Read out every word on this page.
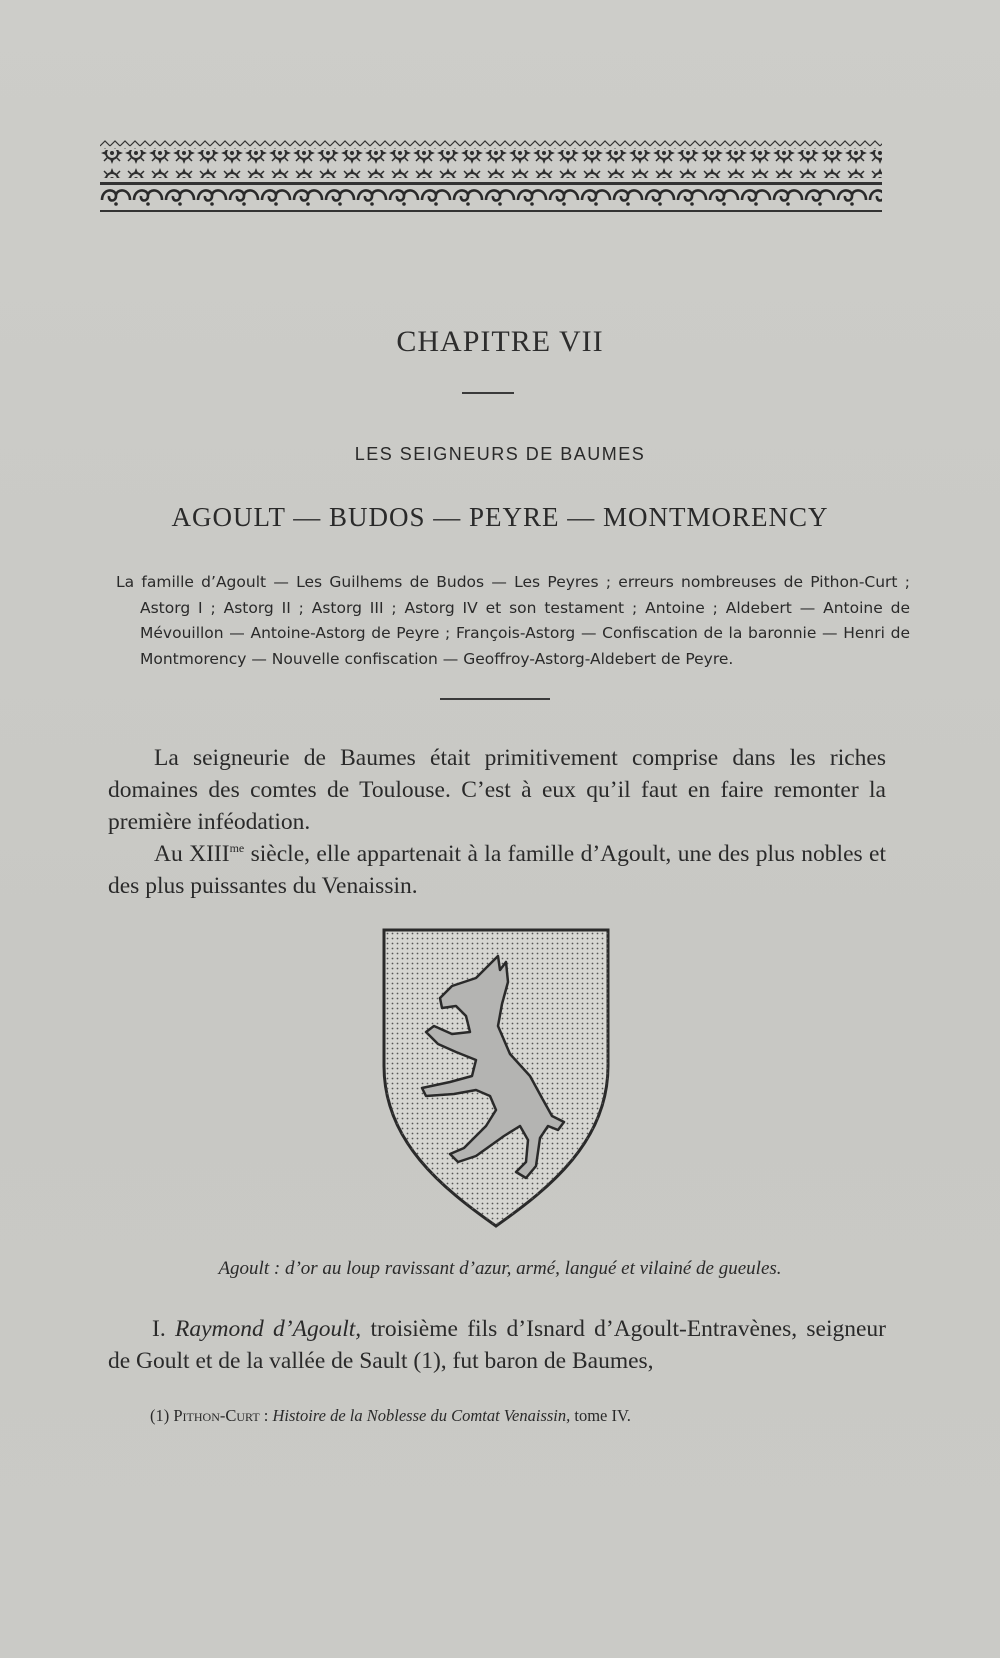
CHAPITRE VII
LES SEIGNEURS DE BAUMES
AGOULT — BUDOS — PEYRE — MONTMORENCY
La famille d’Agoult — Les Guilhems de Budos — Les Peyres ; erreurs nombreuses de Pithon-Curt ; Astorg I ; Astorg II ; Astorg III ; Astorg IV et son testament ; Antoine ; Aldebert — Antoine de Mévouillon — Antoine-Astorg de Peyre ; François-Astorg — Confiscation de la baronnie — Henri de Montmorency — Nouvelle confiscation — Geoffroy-Astorg-Aldebert de Peyre.

La seigneurie de Baumes était primitivement comprise dans les riches domaines des comtes de Toulouse. C’est à eux qu’il faut en faire remonter la première inféodation.

Au $XIII^{me}$ siècle, elle appartenait à la famille d’Agoult, une des plus nobles et des plus puissantes du Venaissin.

Agoult : d’or au loup ravissant d’azur, armé, langué et vilainé de gueules.

I. Raymond d’Agoult, troisième fils d’Isnard d’Agoult-Entravènes, seigneur de Goult et de la vallée de Sault (1), fut baron de Baumes,

(1) Pithon-Curt : Histoire de la Noblesse du Comtat Venaissin, tome IV.
